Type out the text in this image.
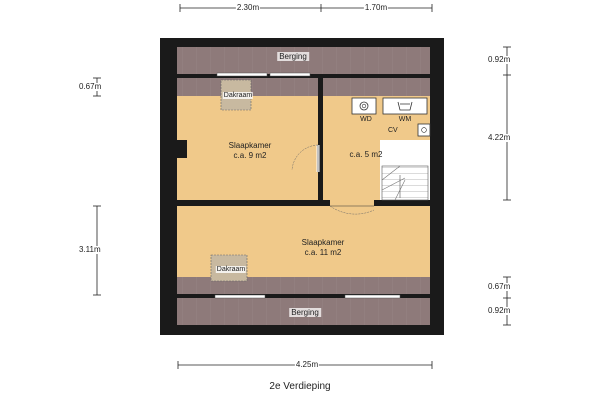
2.30m	1.70m
4.25m
0.92m
4.22m
0.67m
0.92m
0.67m
3.11m
Berging
Berging
Dakraam
Dakraam
Slaapkamer
c.a. 9 m2
Slaapkamer
c.a. 11 m2
c.a. 5 m2
WD	WM
CV
2e Verdieping
